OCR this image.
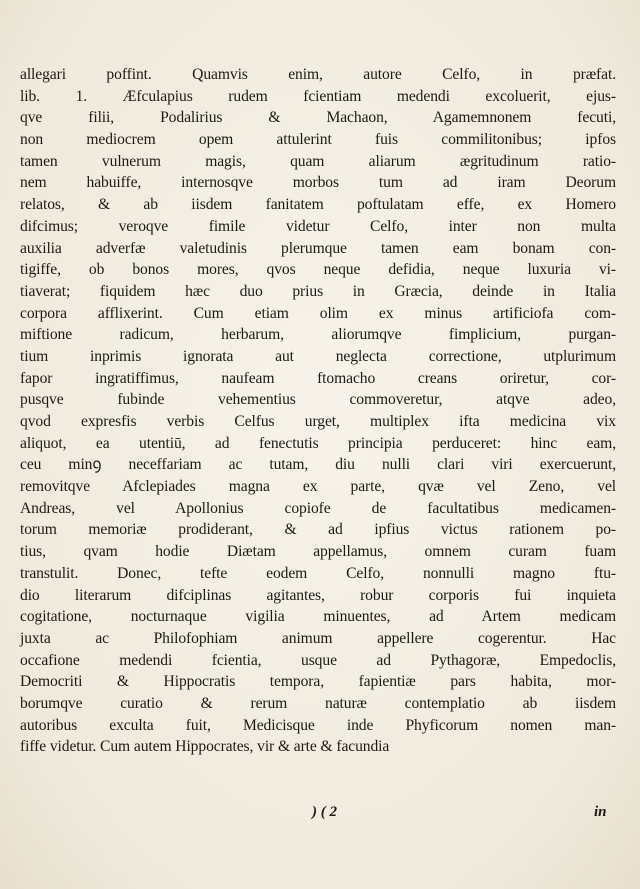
allegari poffint. Quamvis enim, autore Celfo, in præfat.
lib. 1. Æfculapius rudem fcientiam medendi excoluerit, ejus-
qve filii, Podalirius & Machaon, Agamemnonem fecuti,
non mediocrem opem attulerint fuis commilitonibus; ipfos
tamen vulnerum magis, quam aliarum ægritudinum ratio-
nem habuiffe, internosqve morbos tum ad iram Deorum
relatos, & ab iisdem fanitatem poftulatam effe, ex Homero
difcimus; veroqve fimile videtur Celfo, inter non multa
auxilia adverfæ valetudinis plerumque tamen eam bonam con-
tigiffe, ob bonos mores, qvos neque defidia, neque luxuria vi-
tiaverat; fiquidem hæc duo prius in Græcia, deinde in Italia
corpora afflixerint. Cum etiam olim ex minus artificiofa com-
miftione radicum, herbarum, aliorumqve fimplicium, purgan-
tium inprimis ignorata aut neglecta correctione, utplurimum
fapor ingratiffimus, naufeam ftomacho creans oriretur, cor-
pusqve fubinde vehementius commoveretur, atqve adeo,
qvod expresfis verbis Celfus urget, multiplex ifta medicina vix
aliquot, ea utentiū, ad fenectutis principia perduceret: hinc eam,
ceu minꝯ neceffariam ac tutam, diu nulli clari viri exercuerunt,
removitqve Afclepiades magna ex parte, qvæ vel Zeno, vel
Andreas, vel Apollonius copiofe de facultatibus medicamen-
torum memoriæ prodiderant, & ad ipfius victus rationem po-
tius, qvam hodie Diætam appellamus, omnem curam fuam
transtulit. Donec, tefte eodem Celfo, nonnulli magno ftu-
dio literarum difciplinas agitantes, robur corporis fui inquieta
cogitatione, nocturnaque vigilia minuentes, ad Artem medicam
juxta ac Philofophiam animum appellere cogerentur. Hac
occafione medendi fcientia, usque ad Pythagoræ, Empedoclis,
Democriti & Hippocratis tempora, fapientiæ pars habita, mor-
borumqve curatio & rerum naturæ contemplatio ab iisdem
autoribus exculta fuit, Medicisque inde Phyficorum nomen man-
fiffe videtur. Cum autem Hippocrates, vir & arte & facundia
) ( 2	in
